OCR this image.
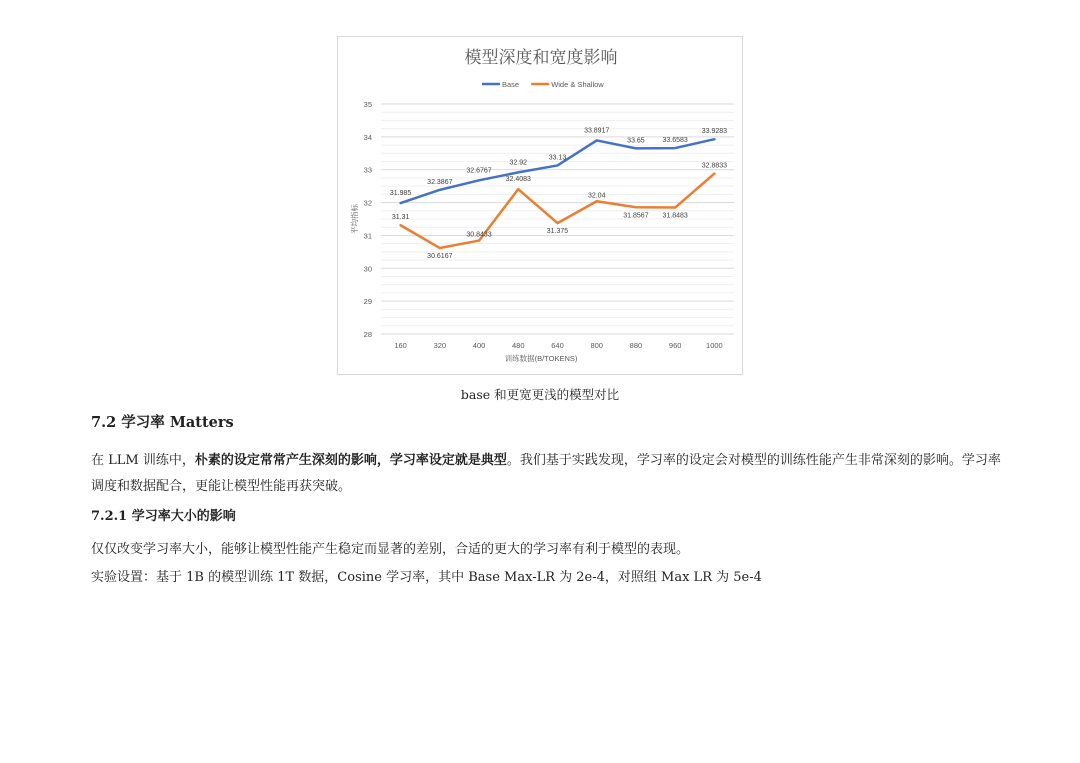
模型深度和宽度影响
28
29
30
31
32
33
34
35
160	320	400	480	640	800	880	960	1000
训练数据(B/TOKENS)
平均指标
Base	Wide & Shallow
31.985
32.3867
32.6767
32.92
33.13
33.8917
33.65	33.6583
33.9283
31.31
30.6167
30.8433
32.4083
31.375
32.04
31.8567 31.8483
32.8833
base 和更宽更浅的模型对比
7.2 学习率 Matters
在 LLM 训练中，朴素的设定常常产生深刻的影响，学习率设定就是典型。我们基于实践发现，学习率的设定会对模型的训练性能产生非常深刻的影响。学习率调度和数据配合，更能让模型性能再获突破。
7.2.1 学习率大小的影响
仅仅改变学习率大小，能够让模型性能产生稳定而显著的差别，合适的更大的学习率有利于模型的表现。
实验设置：基于 1B 的模型训练 1T 数据，Cosine 学习率，其中 Base Max-LR 为 2e-4，对照组 Max LR 为 5e-4
